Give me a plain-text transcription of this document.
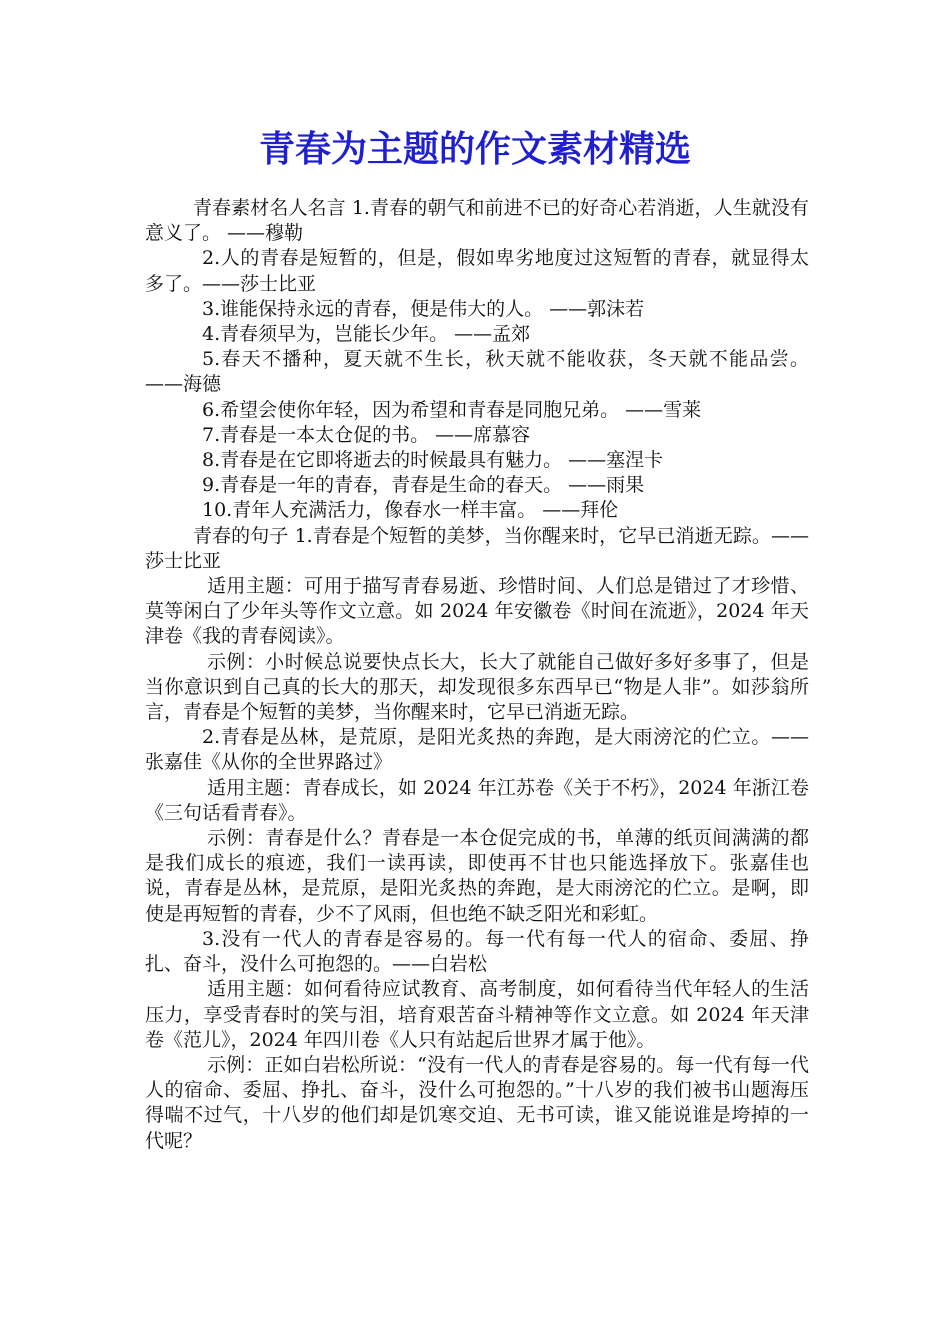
青春为主题的作文素材精选

青春素材名人名言 1.青春的朝气和前进不已的好奇心若消逝，人生就没有意义了。 ——穆勒

2.人的青春是短暂的，但是，假如卑劣地度过这短暂的青春，就显得太多了。——莎士比亚

3.谁能保持永远的青春，便是伟大的人。 ——郭沫若

4.青春须早为，岂能长少年。 ——孟郊

5.春天不播种，夏天就不生长，秋天就不能收获，冬天就不能品尝。 ——海德

6.希望会使你年轻，因为希望和青春是同胞兄弟。 ——雪莱

7.青春是一本太仓促的书。 ——席慕容

8.青春是在它即将逝去的时候最具有魅力。 ——塞涅卡

9.青春是一年的青春，青春是生命的春天。 ——雨果

10.青年人充满活力，像春水一样丰富。 ——拜伦

青春的句子 1.青春是个短暂的美梦，当你醒来时，它早已消逝无踪。——莎士比亚

适用主题：可用于描写青春易逝、珍惜时间、人们总是错过了才珍惜、莫等闲白了少年头等作文立意。如 2024 年安徽卷《时间在流逝》，2024 年天津卷《我的青春阅读》。

示例：小时候总说要快点长大，长大了就能自己做好多好多事了，但是当你意识到自己真的长大的那天，却发现很多东西早已“物是人非”。如莎翁所言，青春是个短暂的美梦，当你醒来时，它早已消逝无踪。

2.青春是丛林，是荒原，是阳光炙热的奔跑，是大雨滂沱的伫立。——张嘉佳《从你的全世界路过》

适用主题：青春成长，如 2024 年江苏卷《关于不朽》，2024 年浙江卷《三句话看青春》。

示例：青春是什么？青春是一本仓促完成的书，单薄的纸页间满满的都是我们成长的痕迹，我们一读再读，即使再不甘也只能选择放下。张嘉佳也说，青春是丛林，是荒原，是阳光炙热的奔跑，是大雨滂沱的伫立。是啊，即使是再短暂的青春，少不了风雨，但也绝不缺乏阳光和彩虹。

3.没有一代人的青春是容易的。每一代有每一代人的宿命、委屈、挣扎、奋斗，没什么可抱怨的。——白岩松

适用主题：如何看待应试教育、高考制度，如何看待当代年轻人的生活压力，享受青春时的笑与泪，培育艰苦奋斗精神等作文立意。如 2024 年天津卷《范儿》，2024 年四川卷《人只有站起后世界才属于他》。

示例：正如白岩松所说：“没有一代人的青春是容易的。每一代有每一代人的宿命、委屈、挣扎、奋斗，没什么可抱怨的。”十八岁的我们被书山题海压得喘不过气，十八岁的他们却是饥寒交迫、无书可读，谁又能说谁是垮掉的一代呢？
